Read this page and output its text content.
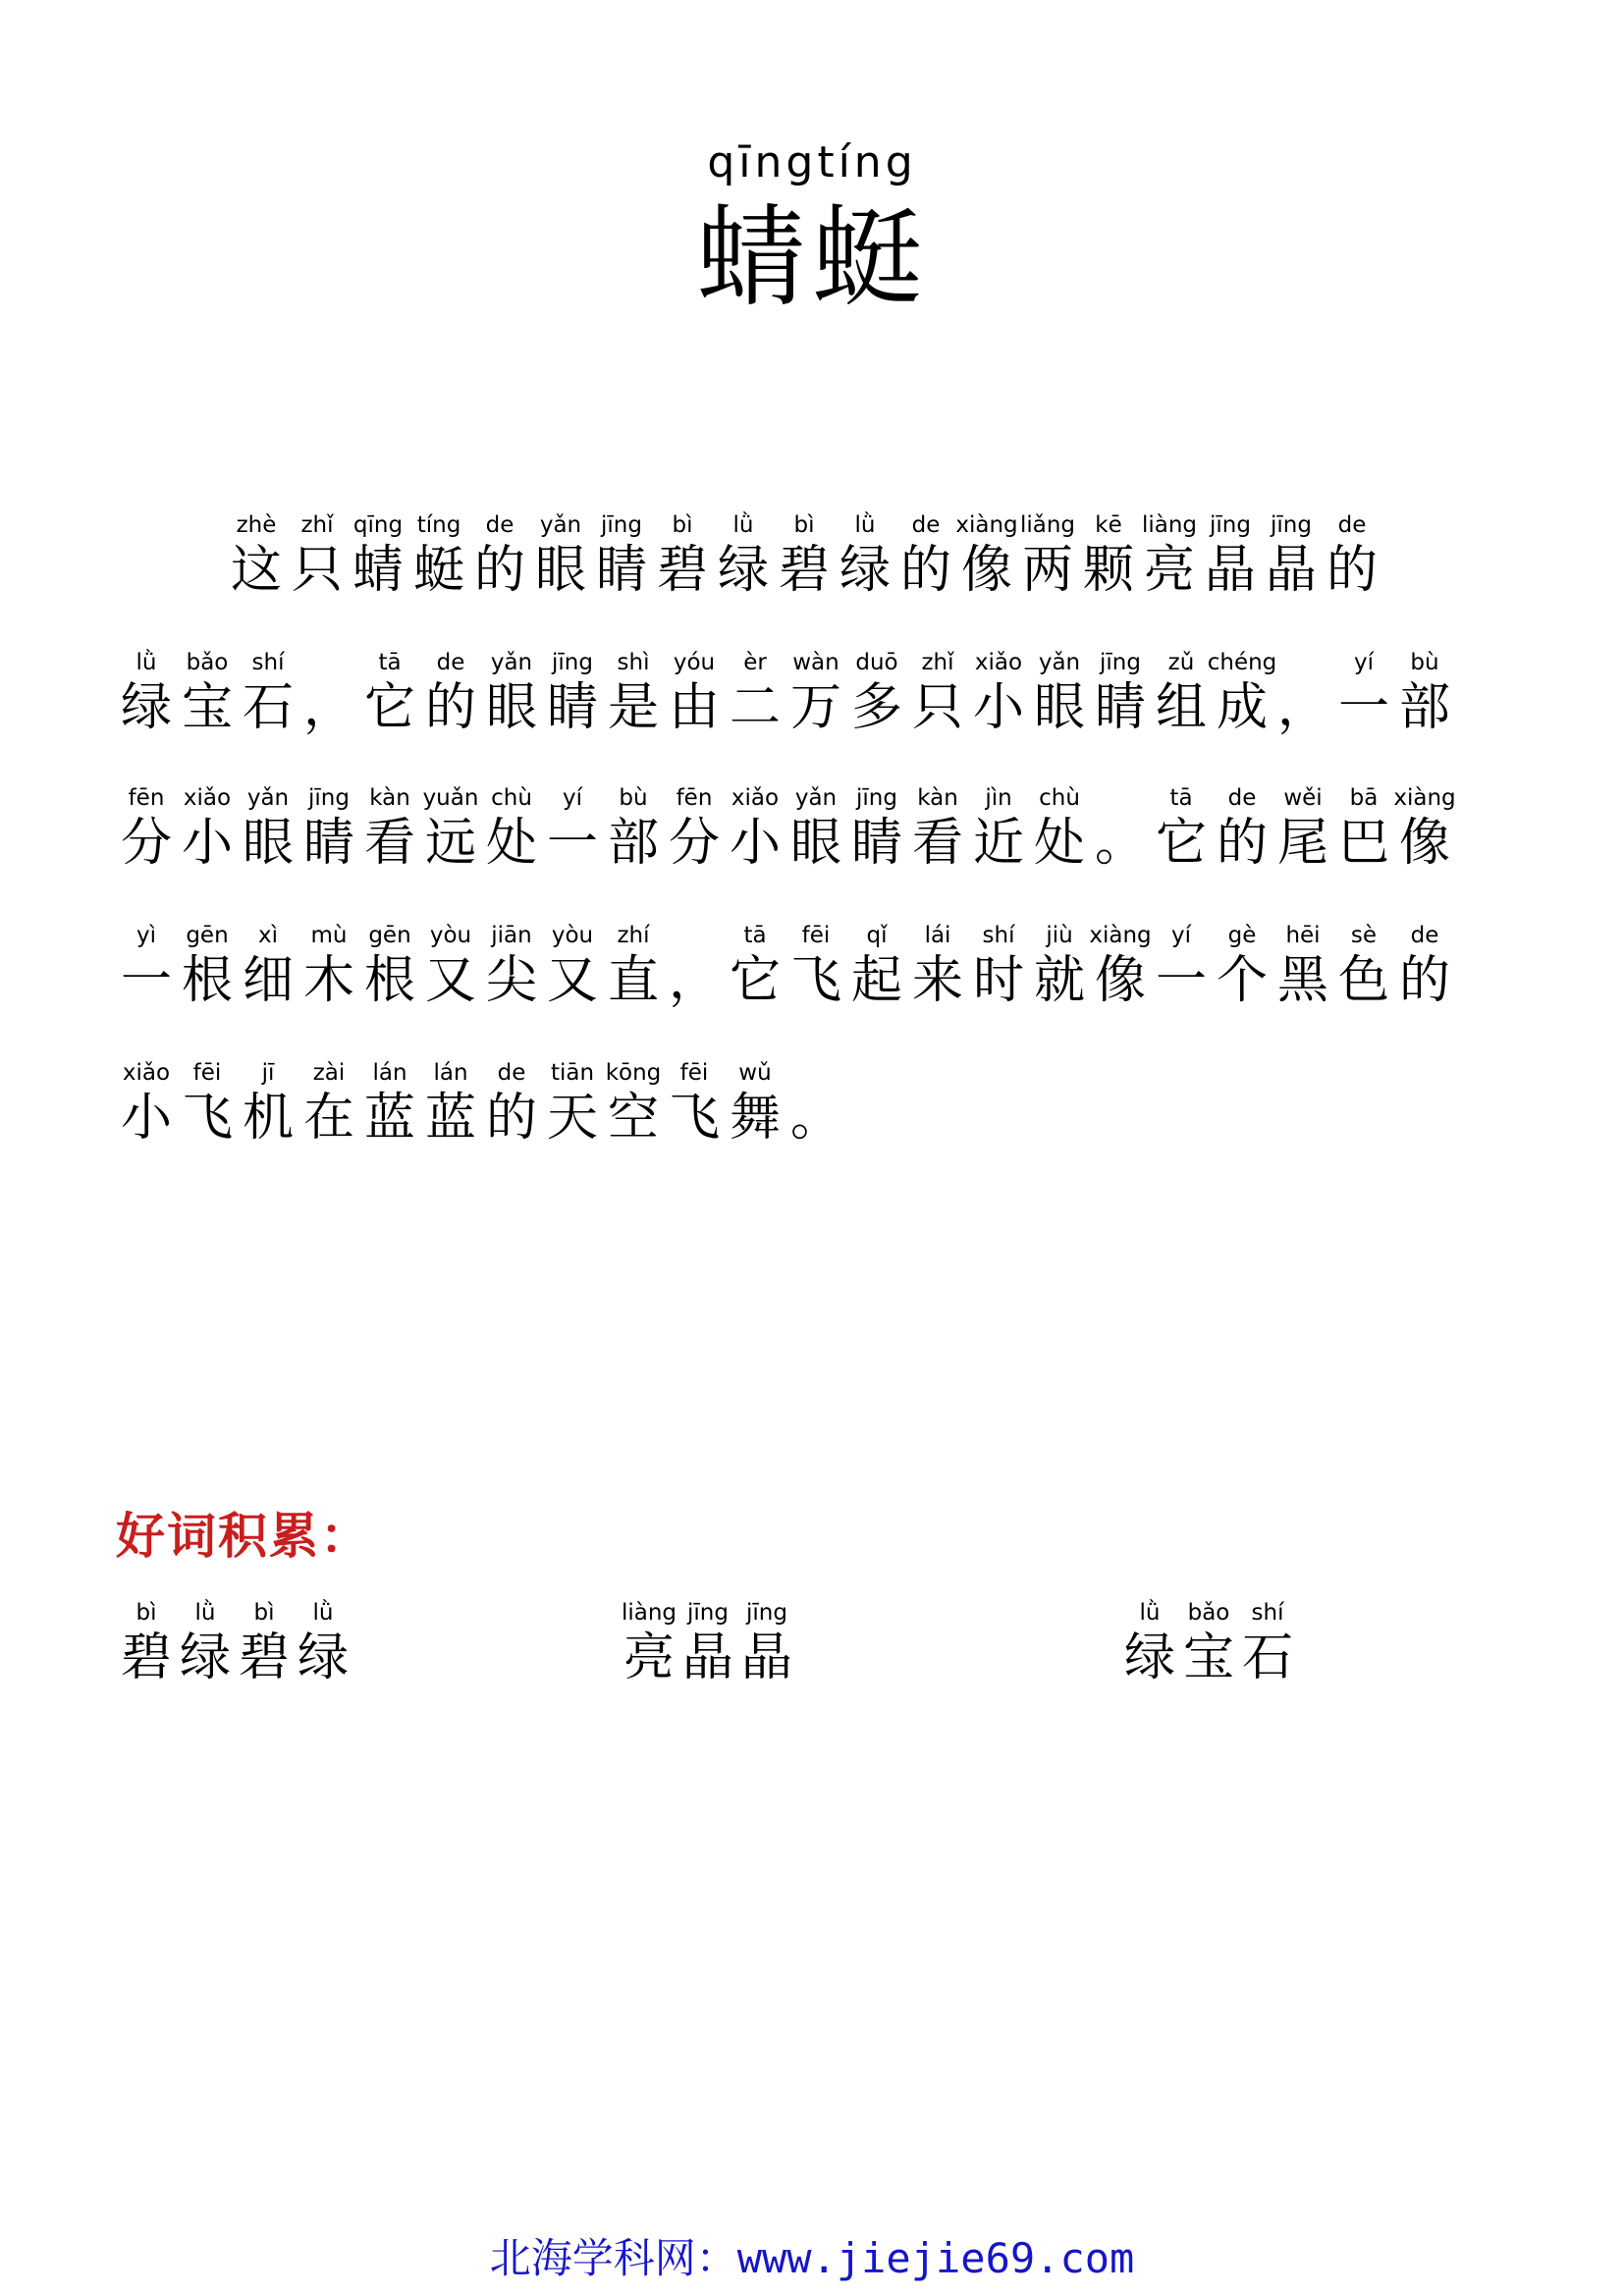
qīngtíng
蜻蜓
zhè
这
zhǐ
只
qīng
蜻
tíng
蜓
de
的
yǎn
眼
jīng
睛
bì
碧
lǜ
绿
bì
碧
lǜ
绿
de
的
xiàng
像
liǎng
两
kē
颗
liàng
亮
jīng
晶
jīng
晶
de
的
lǜ
绿
bǎo
宝
shí
石 ，
tā
它
de
的
yǎn
眼
jīng
睛
shì
是
yóu
由
èr
二
wàn
万
duō
多
zhǐ
只
xiǎo
小
yǎn
眼
jīng
睛
zǔ
组
chéng
成 ，
yí
一
bù
部
fēn
分
xiǎo
小
yǎn
眼
jīng
睛
kàn
看
yuǎn
远
chù
处
yí
一
bù
部
fēn
分
xiǎo
小
yǎn
眼
jīng
睛
kàn
看
jìn
近
chù
处 。
tā
它
de
的
wěi
尾
bā
巴
xiàng
像
yì
一
gēn
根
xì
细
mù
木
gēn
根
yòu
又
jiān
尖
yòu
又
zhí
直 ，
tā
它
fēi
飞
qǐ
起
lái
来
shí
时
jiù
就
xiàng
像
yí
一
gè
个
hēi
黑
sè
色
de
的
xiǎo
小
fēi
飞
jī
机
zài
在
lán
蓝
lán
蓝
de
的
tiān
天
kōng
空
fēi
飞
wǔ
舞 。
好词积累：
bì
碧
lǜ
绿
bì
碧
lǜ
绿
liàng
亮
jīng
晶
jīng
晶
lǜ
绿
bǎo
宝
shí
石
北海学科网：www.jiejie69.com
